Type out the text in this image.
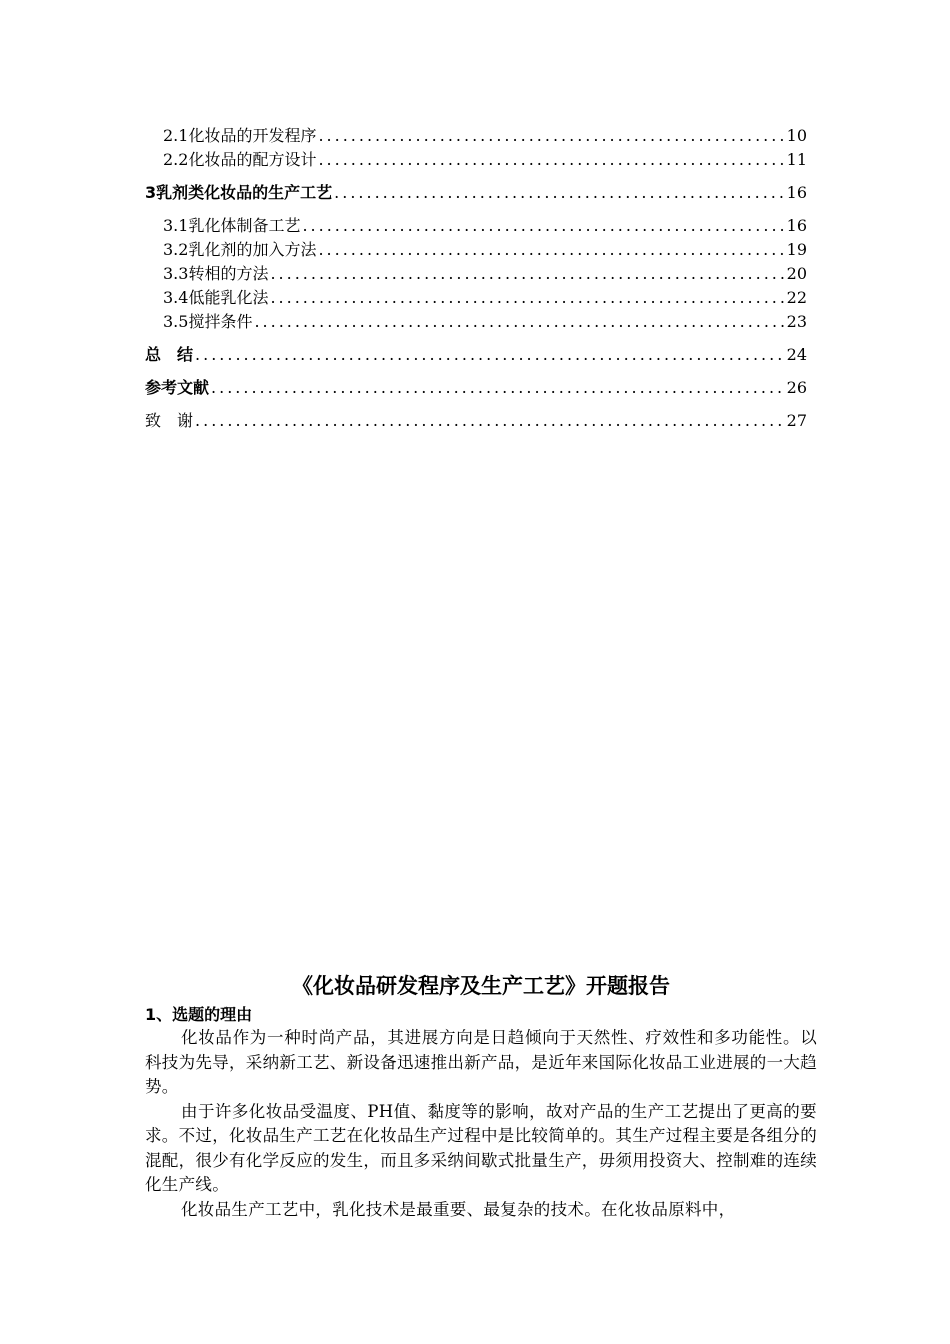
2.1化妆品的开发程序 .....	10
2.2化妆品的配方设计 .....	11
3乳剂类化妆品的生产工艺 .....	16
3.1乳化体制备工艺 .....	16
3.2乳化剂的加入方法 .....	19
3.3转相的方法 .....	20
3.4低能乳化法 .....	22
3.5搅拌条件 .....	23
总　结 .....	24
参考文献 .....	26
致　谢 .....	27
《化妆品研发程序及生产工艺》开题报告
1、选题的理由

化妆品作为一种时尚产品，其进展方向是日趋倾向于天然性、疗效性和多功能性。以科技为先导，采纳新工艺、新设备迅速推出新产品，是近年来国际化妆品工业进展的一大趋势。

由于许多化妆品受温度、PH值、黏度等的影响，故对产品的生产工艺提出了更高的要求。不过，化妆品生产工艺在化妆品生产过程中是比较简单的。其生产过程主要是各组分的混配，很少有化学反应的发生，而且多采纳间歇式批量生产，毋须用投资大、控制难的连续化生产线。

化妆品生产工艺中，乳化技术是最重要、最复杂的技术。在化妆品原料中，
